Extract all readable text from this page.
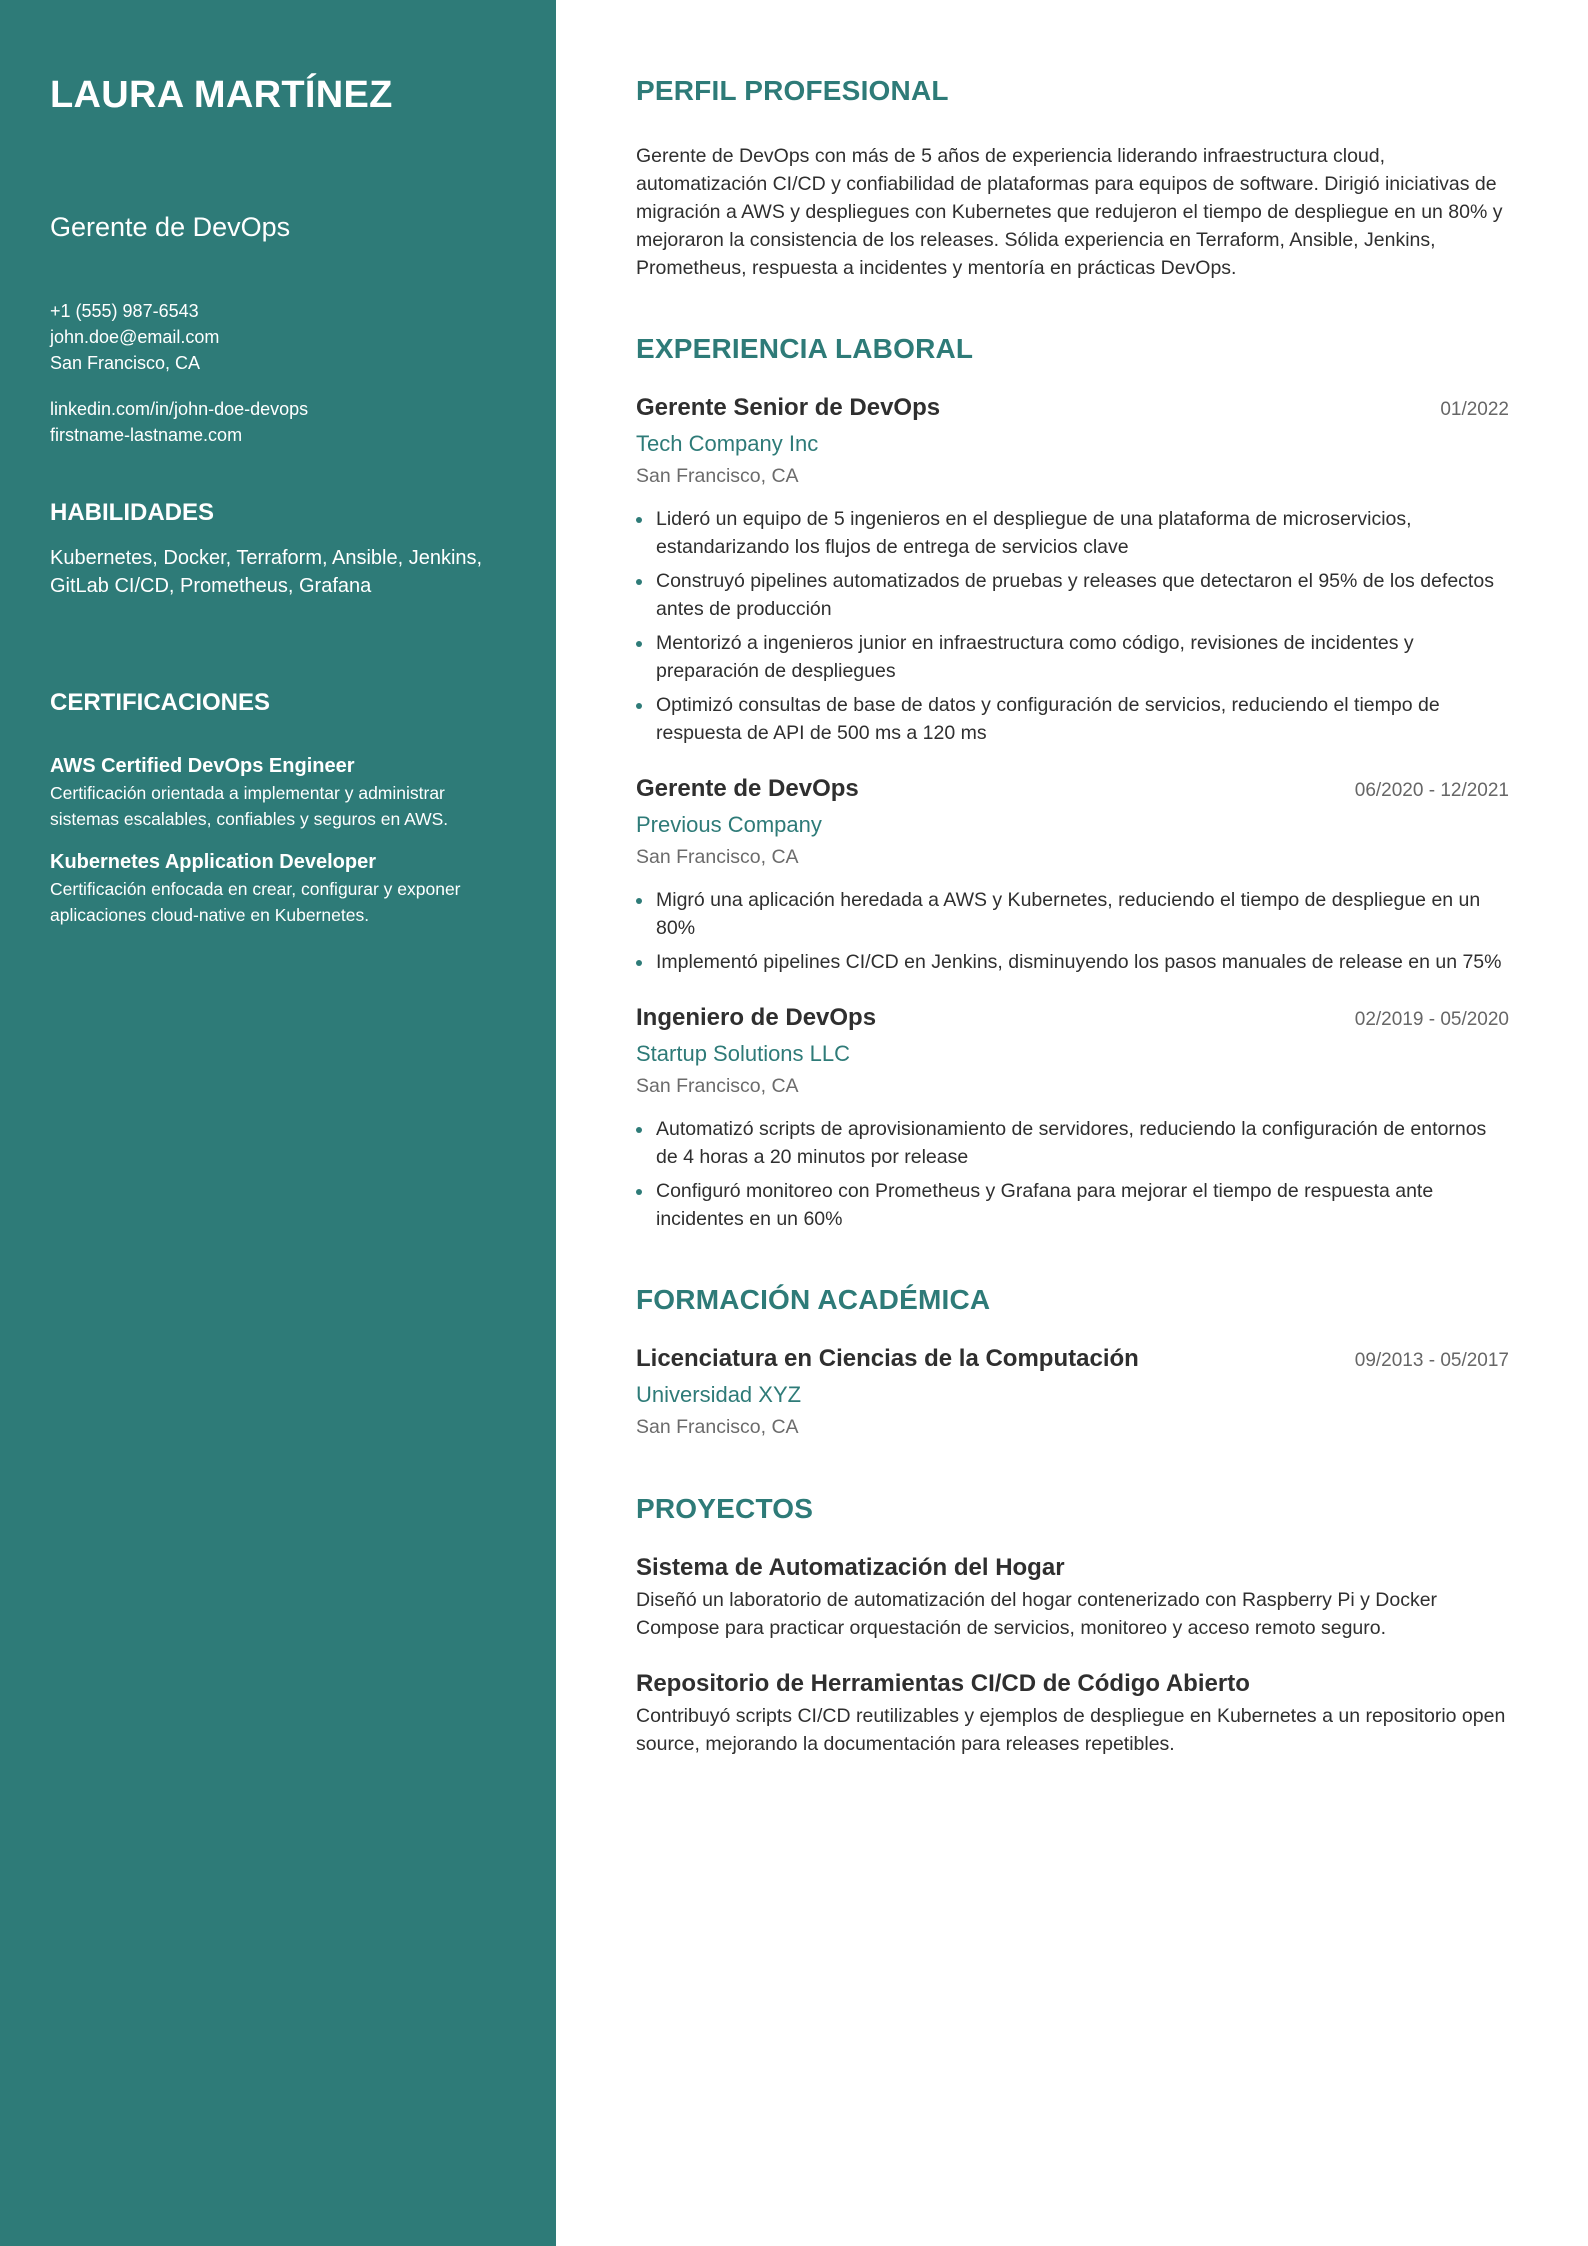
LAURA MARTÍNEZ
Gerente de DevOps
+1 (555) 987-6543
john.doe@email.com
San Francisco, CA
linkedin.com/in/john-doe-devops
firstname-lastname.com
HABILIDADES
Kubernetes, Docker, Terraform, Ansible, Jenkins, GitLab CI/CD, Prometheus, Grafana
CERTIFICACIONES
AWS Certified DevOps Engineer
Certificación orientada a implementar y administrar sistemas escalables, confiables y seguros en AWS.
Kubernetes Application Developer
Certificación enfocada en crear, configurar y exponer aplicaciones cloud-native en Kubernetes.
PERFIL PROFESIONAL
Gerente de DevOps con más de 5 años de experiencia liderando infraestructura cloud, automatización CI/CD y confiabilidad de plataformas para equipos de software. Dirigió iniciativas de migración a AWS y despliegues con Kubernetes que redujeron el tiempo de despliegue en un 80% y mejoraron la consistencia de los releases. Sólida experiencia en Terraform, Ansible, Jenkins, Prometheus, respuesta a incidentes y mentoría en prácticas DevOps.
EXPERIENCIA LABORAL
Gerente Senior de DevOps	01/2022
Tech Company Inc
San Francisco, CA
Lideró un equipo de 5 ingenieros en el despliegue de una plataforma de microservicios, estandarizando los flujos de entrega de servicios clave
Construyó pipelines automatizados de pruebas y releases que detectaron el 95% de los defectos antes de producción
Mentorizó a ingenieros junior en infraestructura como código, revisiones de incidentes y preparación de despliegues
Optimizó consultas de base de datos y configuración de servicios, reduciendo el tiempo de respuesta de API de 500 ms a 120 ms
Gerente de DevOps	06/2020 - 12/2021
Previous Company
San Francisco, CA
Migró una aplicación heredada a AWS y Kubernetes, reduciendo el tiempo de despliegue en un 80%
Implementó pipelines CI/CD en Jenkins, disminuyendo los pasos manuales de release en un 75%
Ingeniero de DevOps	02/2019 - 05/2020
Startup Solutions LLC
San Francisco, CA
Automatizó scripts de aprovisionamiento de servidores, reduciendo la configuración de entornos de 4 horas a 20 minutos por release
Configuró monitoreo con Prometheus y Grafana para mejorar el tiempo de respuesta ante incidentes en un 60%
FORMACIÓN ACADÉMICA
Licenciatura en Ciencias de la Computación	09/2013 - 05/2017
Universidad XYZ
San Francisco, CA
PROYECTOS
Sistema de Automatización del Hogar
Diseñó un laboratorio de automatización del hogar contenerizado con Raspberry Pi y Docker Compose para practicar orquestación de servicios, monitoreo y acceso remoto seguro.
Repositorio de Herramientas CI/CD de Código Abierto
Contribuyó scripts CI/CD reutilizables y ejemplos de despliegue en Kubernetes a un repositorio open source, mejorando la documentación para releases repetibles.
